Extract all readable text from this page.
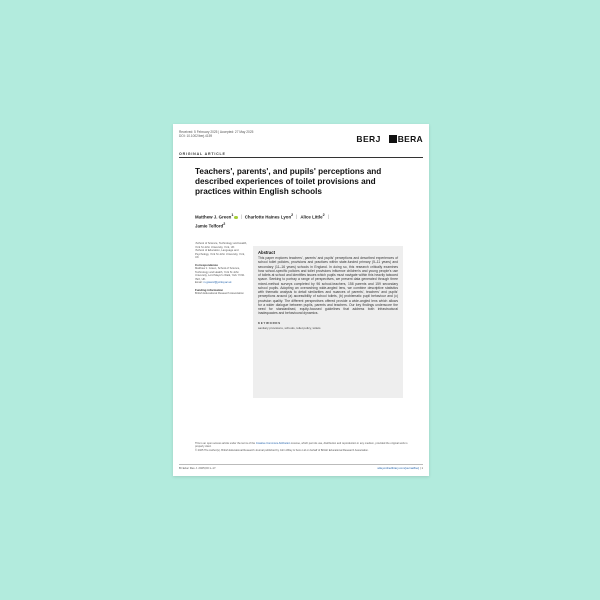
Received: 5 February 2025 | Accepted: 27 May 2025
DOI: 10.1002/berj.4159	BERJ BERA
ORIGINAL ARTICLE
Teachers', parents', and pupils' perceptions and described experiences of toilet provisions and practices within English schools
Matthew J. Green$^1$ | Charlotte Haines Lyon$^2$ | Alice Little$^2$ |
Jamie Telford$^2$
¹School of Science, Technology and Health, York St John University, York, UK
²School of Education, Language and Psychology, York St John University, York, UK
Correspondence
Matthew J. Green, School of Science, Technology and Health, York St John University, Lord Mayor's Walk, York YO31 7EX, UK.
Email: m.green2@yorksj.ac.uk
Funding information
British Educational Research Association
Abstract
This paper explores teachers', parents' and pupils' perceptions and described experiences of school toilet policies, provisions and practices within state-funded primary (5–11 years) and secondary (11–16 years) schools in England. In doing so, this research critically examines how school-specific policies and toilet provisions influence children's and young people's use of toilets at school and identifies issues which pupils must navigate within this heavily tabooed space. Seeking to portray a range of perspectives, we present data generated through three mixed-method surveys completed by 96 school-teachers, 158 parents and 159 secondary school pupils. Adopting an overarching wide-angled lens, we combine descriptive statistics with thematic analysis to detail similarities and nuances of parents', teachers' and pupils' perceptions around (a) accessibility of school toilets, (b) problematic pupil behaviour and (c) provision quality. The different perspectives offered provide a wide-angled lens which allows for a wider dialogue between pupils, parents and teachers. Our key findings underscore the need for standardised, equity-focused guidelines that address both infrastructural inadequacies and behavioural dynamics.
KEYWORDS
sanitary provisions, schools, toilet policy, toilets
This is an open access article under the terms of the Creative Commons Attribution License, which permits use, distribution and reproduction in any medium, provided the original work is properly cited.
© 2025 The Author(s). British Educational Research Journal published by John Wiley & Sons Ltd on behalf of British Educational Research Association.
Br Educ Res J. 2025;00:1–17.	wileyonlinelibrary.com/journal/berj | 1
